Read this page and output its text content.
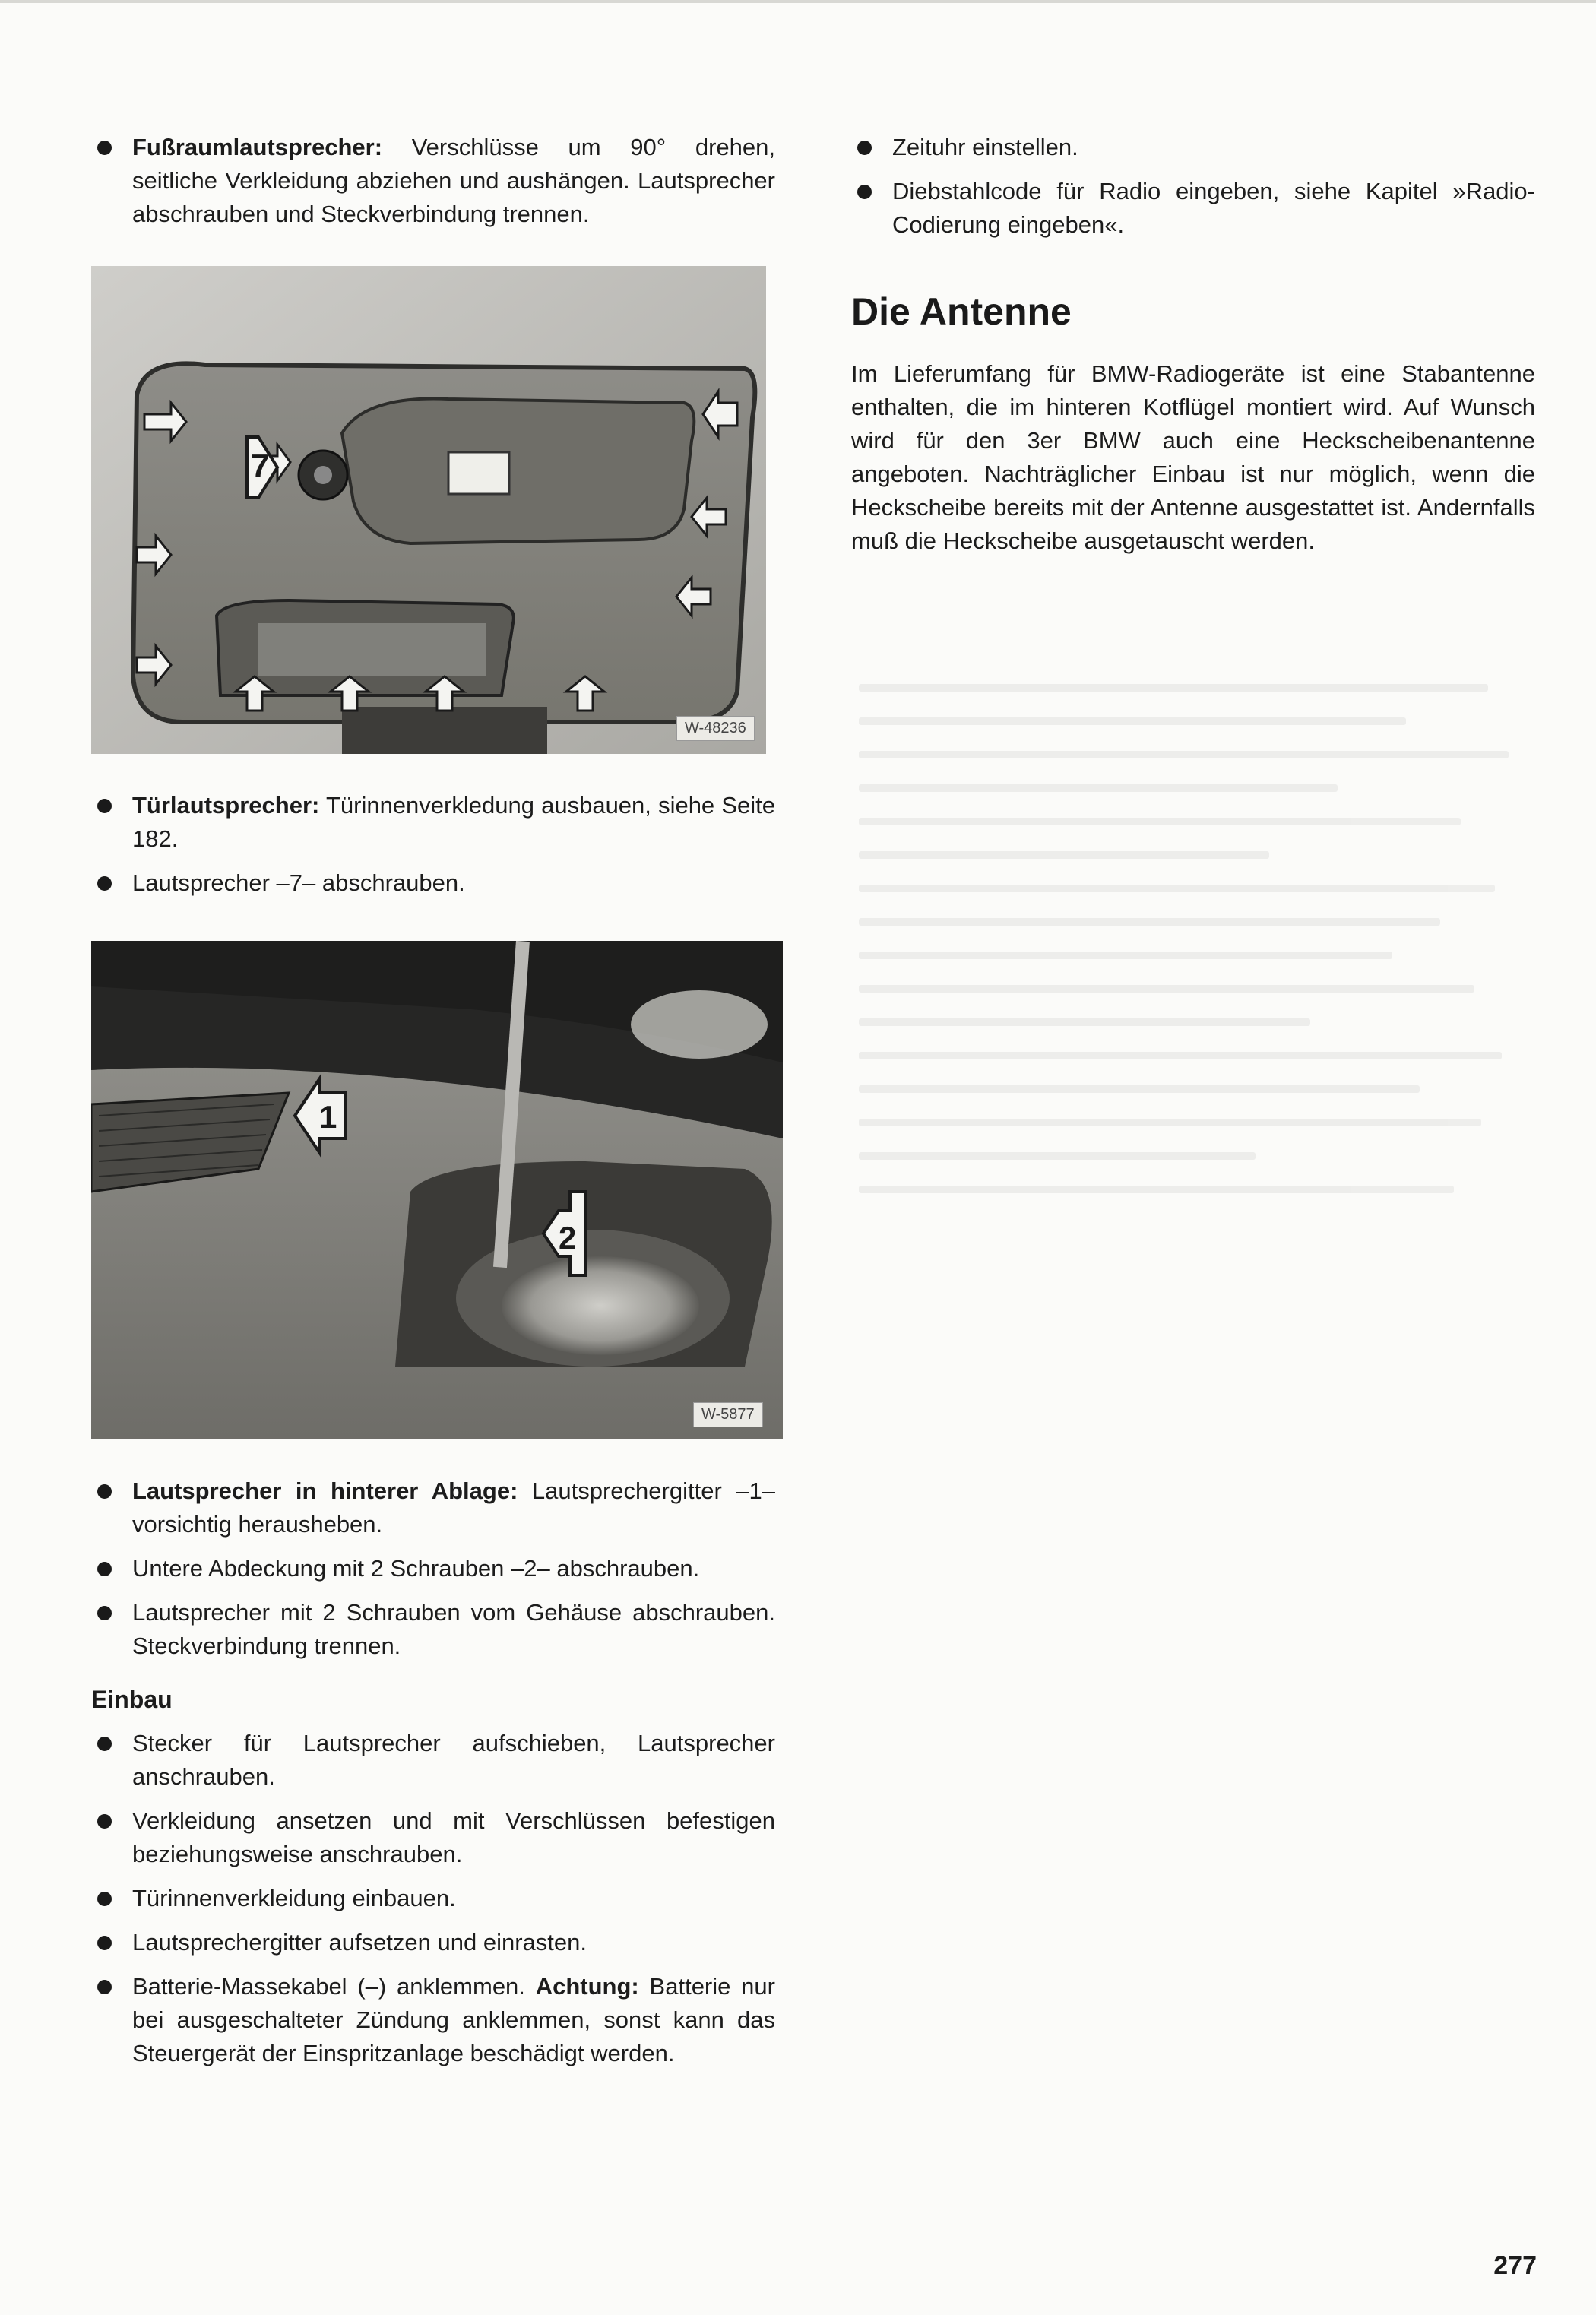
Fußraumlautsprecher: Verschlüsse um 90° drehen, seitliche Verkleidung abziehen und aushängen. Lautsprecher abschrauben und Steckverbindung trennen.
7
W-48236
Türlautsprecher: Türinnenverkledung ausbauen, siehe Seite 182.
Lautsprecher –7– abschrauben.
1
2
W-5877
Lautsprecher in hinterer Ablage: Lautsprechergitter –1– vorsichtig herausheben.
Untere Abdeckung mit 2 Schrauben –2– abschrauben.
Lautsprecher mit 2 Schrauben vom Gehäuse abschrauben. Steckverbindung trennen.
Einbau
Stecker für Lautsprecher aufschieben, Lautsprecher anschrauben.
Verkleidung ansetzen und mit Verschlüssen befestigen beziehungsweise anschrauben.
Türinnenverkleidung einbauen.
Lautsprechergitter aufsetzen und einrasten.
Batterie-Massekabel (–) anklemmen. Achtung: Batterie nur bei ausgeschalteter Zündung anklemmen, sonst kann das Steuergerät der Einspritzanlage beschädigt werden.
Zeituhr einstellen.
Diebstahlcode für Radio eingeben, siehe Kapitel »Radio-Codierung eingeben«.
Die Antenne

Im Lieferumfang für BMW-Radiogeräte ist eine Stabantenne enthalten, die im hinteren Kotflügel montiert wird. Auf Wunsch wird für den 3er BMW auch eine Heckscheibenantenne angeboten. Nachträglicher Einbau ist nur möglich, wenn die Heckscheibe bereits mit der Antenne ausgestattet ist. Andernfalls muß die Heckscheibe ausgetauscht werden.

277
